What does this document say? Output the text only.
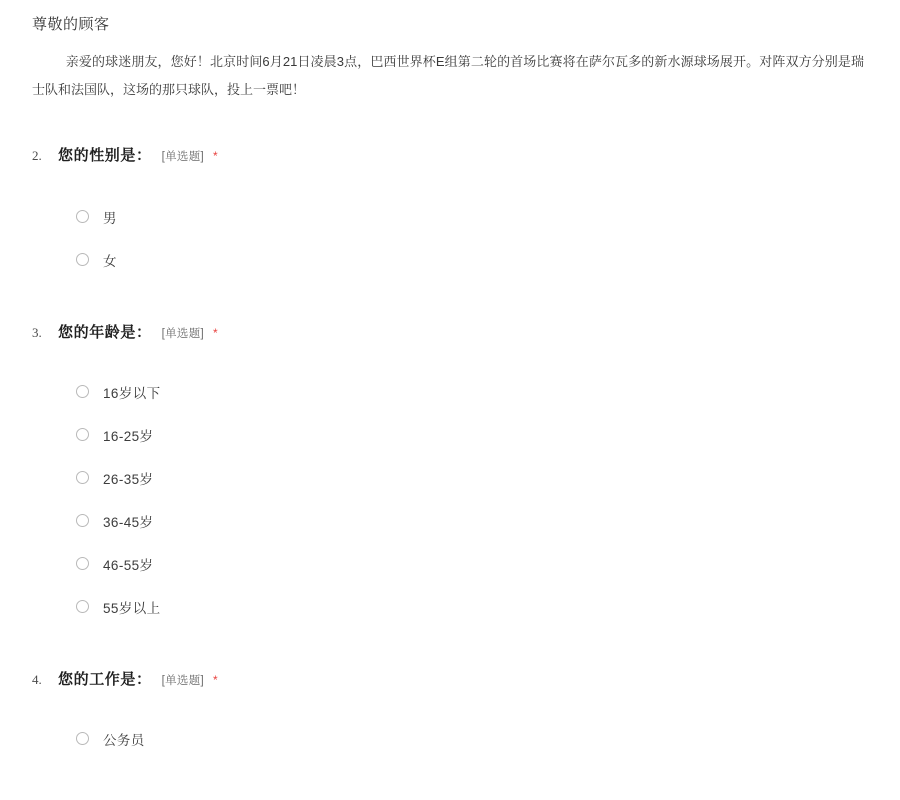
尊敬的顾客
亲爱的球迷朋友，您好！北京时间6月21日凌晨3点，巴西世界杯E组第二轮的首场比赛将在萨尔瓦多的新水源球场展开。对阵双方分别是瑞士队和法国队，这场的那只球队，投上一票吧！
2.	您的性别是： [单选题] *
男
女
3.	您的年龄是： [单选题] *
16岁以下
16-25岁
26-35岁
36-45岁
46-55岁
55岁以上
4.	您的工作是： [单选题] *
公务员
